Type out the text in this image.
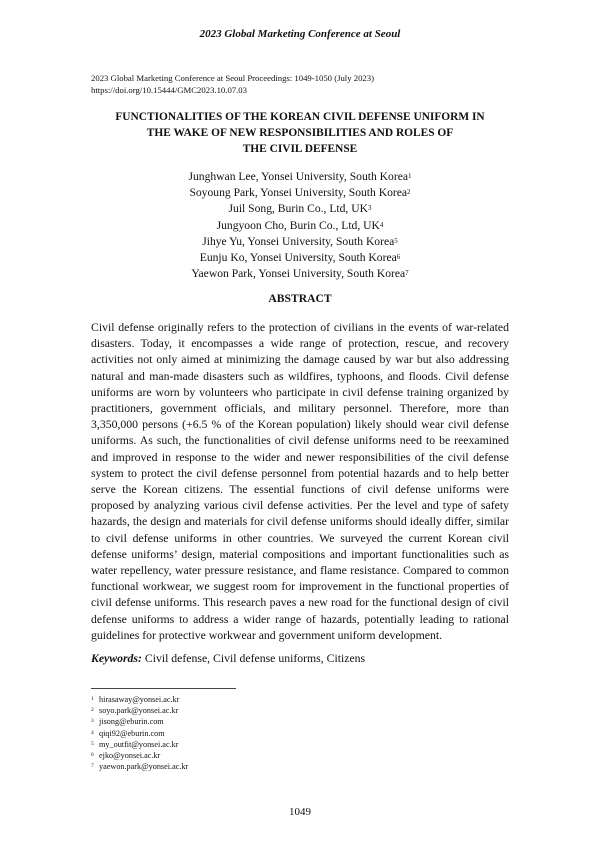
2023 Global Marketing Conference at Seoul
2023 Global Marketing Conference at Seoul Proceedings: 1049-1050 (July 2023)
https://doi.org/10.15444/GMC2023.10.07.03
FUNCTIONALITIES OF THE KOREAN CIVIL DEFENSE UNIFORM IN
THE WAKE OF NEW RESPONSIBILITIES AND ROLES OF
THE CIVIL DEFENSE
Junghwan Lee, Yonsei University, South Korea$^1$
Soyoung Park, Yonsei University, South Korea$^2$
Juil Song, Burin Co., Ltd, $UK^3$
Jungyoon Cho, Burin Co., Ltd, $UK^4$
Jihye Yu, Yonsei University, South Korea$^5$
Eunju Ko, Yonsei University, South Korea$^6$
Yaewon Park, Yonsei University, South Korea$^7$
ABSTRACT
Civil defense originally refers to the protection of civilians in the events of war-related disasters. Today, it encompasses a wide range of protection, rescue, and recovery activities not only aimed at minimizing the damage caused by war but also addressing natural and man-made disasters such as wildfires, typhoons, and floods. Civil defense uniforms are worn by volunteers who participate in civil defense training organized by practitioners, government officials, and military personnel. Therefore, more than 3,350,000 persons (+6.5 % of the Korean population) likely should wear civil defense uniforms. As such, the functionalities of civil defense uniforms need to be reexamined and improved in response to the wider and newer responsibilities of the civil defense system to protect the civil defense personnel from potential hazards and to help better serve the Korean citizens. The essential functions of civil defense uniforms were proposed by analyzing various civil defense activities. Per the level and type of safety hazards, the design and materials for civil defense uniforms should ideally differ, similar to civil defense uniforms in other countries. We surveyed the current Korean civil defense uniforms’ design, material compositions and important functionalities such as water repellency, water pressure resistance, and flame resistance. Compared to common functional workwear, we suggest room for improvement in the functional properties of civil defense uniforms. This research paves a new road for the functional design of civil defense uniforms to address a wider range of hazards, potentially leading to rational guidelines for protective workwear and government uniform development.
Keywords: Civil defense, Civil defense uniforms, Citizens
1 hirasaway@yonsei.ac.kr
2 soyo.park@yonsei.ac.kr
3 jisong@eburin.com
4 qiqi92@eburin.com
5 my_outfit@yonsei.ac.kr
6 ejko@yonsei.ac.kr
7 yaewon.park@yonsei.ac.kr
1049
